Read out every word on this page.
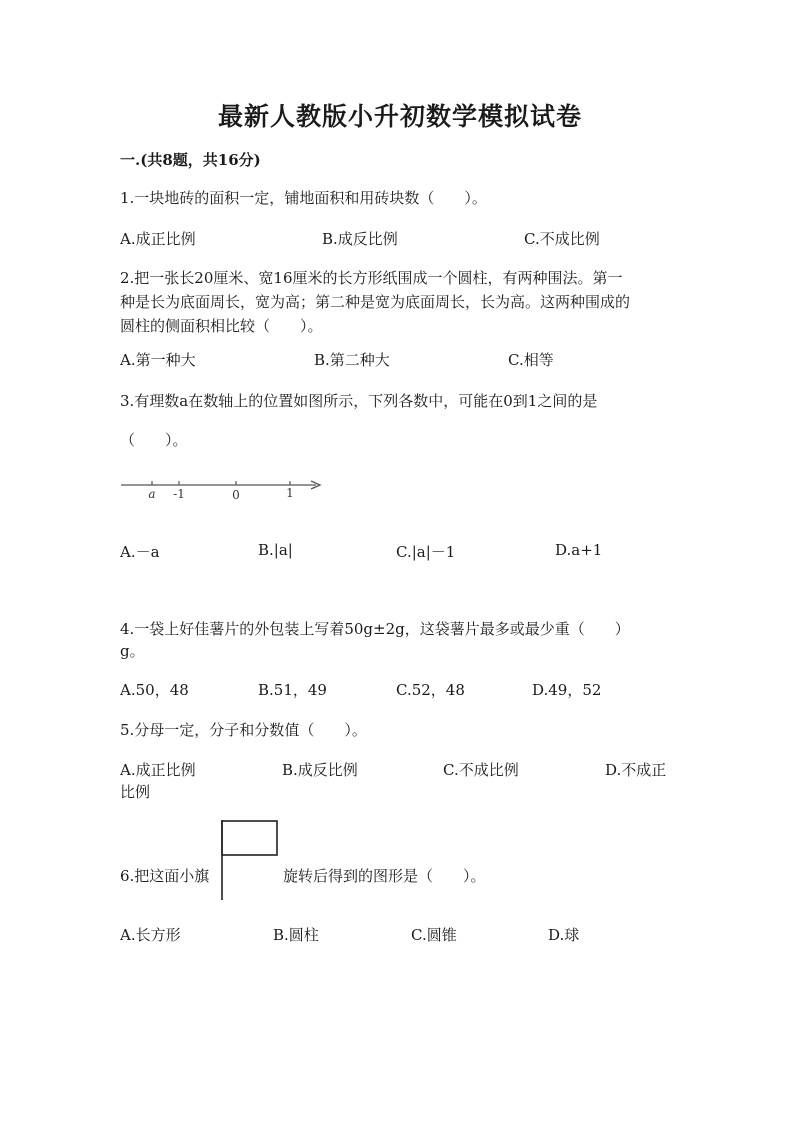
最新人教版小升初数学模拟试卷
一.(共8题，共16分)
1.一块地砖的面积一定，铺地面积和用砖块数（　　）。
A.成正比例	B.成反比例	C.不成比例
2.把一张长20厘米、宽16厘米的长方形纸围成一个圆柱，有两种围法。第一
种是长为底面周长，宽为高；第二种是宽为底面周长，长为高。这两种围成的
圆柱的侧面积相比较（　　）。
A.第一种大	B.第二种大	C.相等
3.有理数a在数轴上的位置如图所示，下列各数中，可能在0到1之间的是
（　　）。
a -1	0	1
A.－a	B.|a|	C.|a|－1	D.a+1
4.一袋上好佳薯片的外包装上写着50g±2g，这袋薯片最多或最少重（　　）
g。
A.50，48	B.51，49	C.52，48	D.49，52
5.分母一定，分子和分数值（　　）。
A.成正比例	B.成反比例	C.不成比例	D.不成正
比例
6.把这面小旗	旋转后得到的图形是（　　）。
A.长方形	B.圆柱	C.圆锥	D.球
